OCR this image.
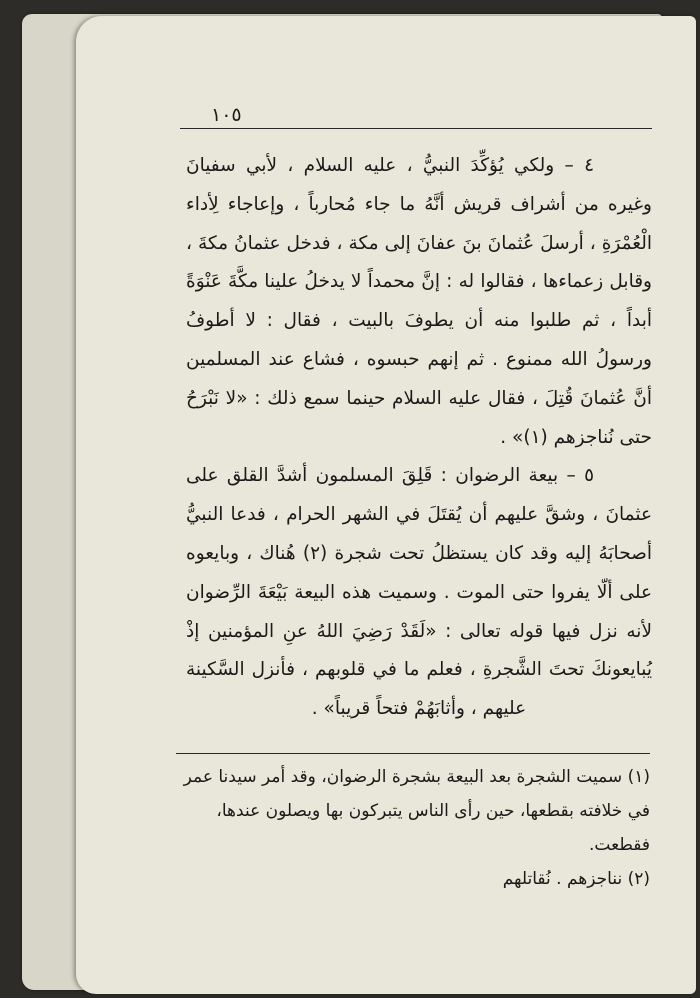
١٠٥

٤ – ولكي يُؤكِّدَ النبيُّ ، عليه السلام ، لأبي سفيانَ وغيره من أشراف قريش أنَّهُ ما جاء مُحارباً ، وإعاجاء لِأداء الْعُمْرَةِ ، أرسلَ عُثمانَ بنَ عفانَ إلى مكة ، فدخل عثمانُ مكةَ ، وقابل زعماءها ، فقالوا له : إنَّ محمداً لا يدخلُ علينا مكَّةَ عَنْوَةً أبداً ، ثم طلبوا منه أن يطوفَ بالبيت ، فقال : لا أطوفُ ورسولُ الله ممنوع . ثم إنهم حبسوه ، فشاع عند المسلمين أنَّ عُثمانَ قُتِلَ ، فقال عليه السلام حينما سمع ذلك : «لا نَبْرَحُ حتى نُناجزهم (١)» .

٥ – بيعة الرضوان : قَلِقَ المسلمون أشدَّ القلق على عثمانَ ، وشقَّ عليهم أن يُقتَلَ في الشهر الحرام ، فدعا النبيُّ أصحابَهُ إليه وقد كان يستظلُ تحت شجرة (٢) هُناك ، وبايعوه على ألّا يفروا حتى الموت . وسميت هذه البيعة بَيْعَةَ الرِّضوان لأنه نزل فيها قوله تعالى : «لَقَدْ رَضِيَ اللهُ عنِ المؤمنين إذْ يُبايعونكَ تحتَ الشَّجرةِ ، فعلم ما في قلوبهم ، فأنزل السَّكينة عليهم ، وأثابَهُمْ فتحاً قريباً» .

(١) سميت الشجرة بعد البيعة بشجرة الرضوان، وقد أمر سيدنا عمر في خلافته بقطعها، حين رأى الناس يتبركون بها ويصلون عندها، فقطعت.

(٢) نناجزهم . نُقاتلهم
